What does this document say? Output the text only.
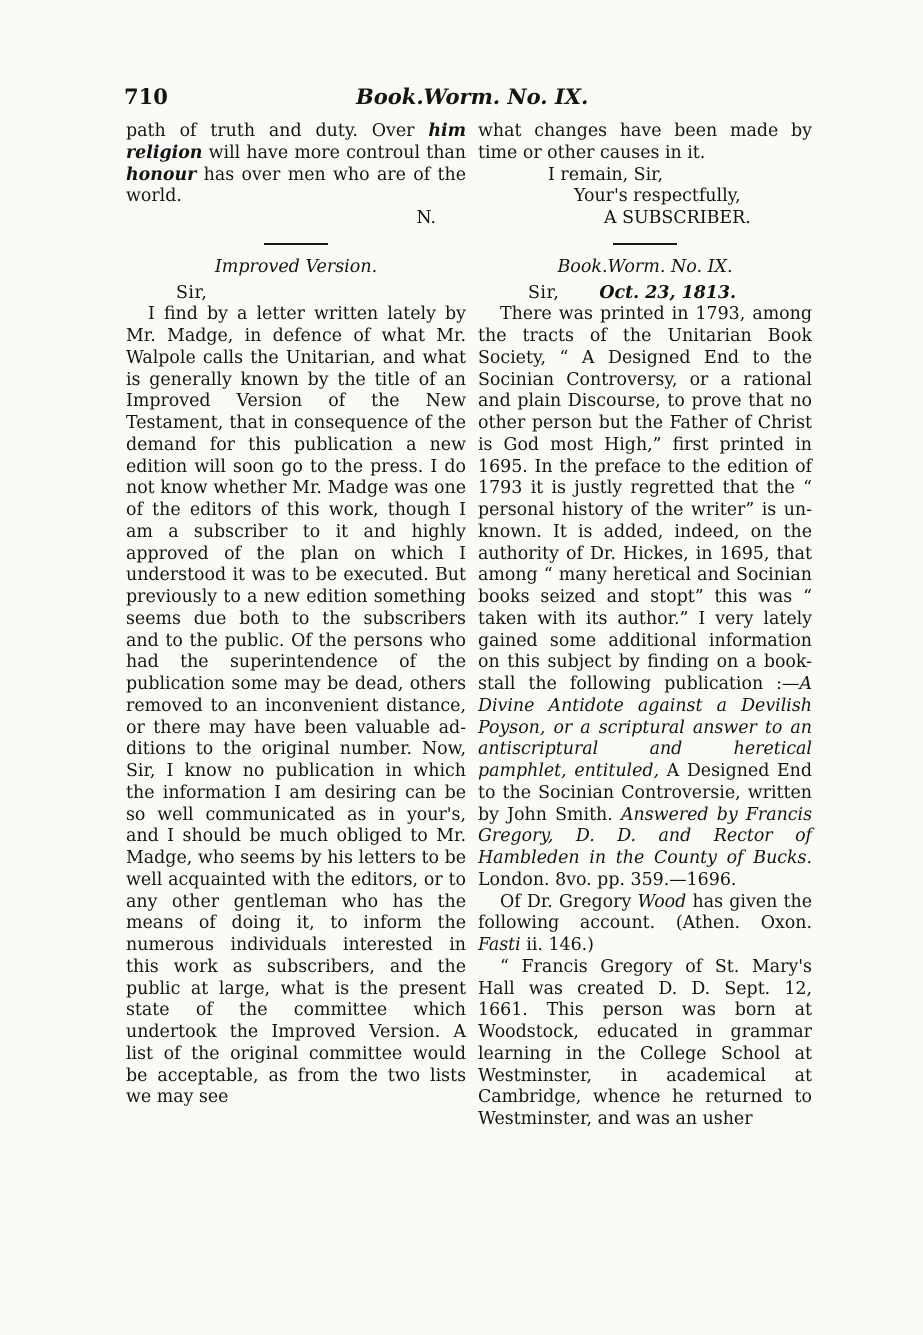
710	Book.Worm. No. IX.

path of truth and duty. Over him religion will have more controul than honour has over men who are of the world.

N.

Improved Version.

Sir,

I find by a letter written lately by Mr. Madge, in defence of what Mr. Walpole calls the Unitarian, and what is generally known by the title of an Improved Version of the New Testament, that in consequence of the demand for this publication a new edition will soon go to the press. I do not know whether Mr. Madge was one of the editors of this work, though I am a subscriber to it and highly approved of the plan on which I understood it was to be executed. But previously to a new edition something seems due both to the subscribers and to the public. Of the persons who had the superintendence of the publication some may be dead, others removed to an inconvenient distance, or there may have been valuable additions to the original number. Now, Sir, I know no publication in which the information I am desiring can be so well communicated as in your's, and I should be much obliged to Mr. Madge, who seems by his letters to be well acquainted with the editors, or to any other gentleman who has the means of doing it, to inform the numerous individuals interested in this work as subscribers, and the public at large, what is the present state of the committee which undertook the Improved Version. A list of the original committee would be acceptable, as from the two lists we may see

what changes have been made by time or other causes in it.

I remain, Sir,

Your's respectfully,

A SUBSCRIBER.

Book.Worm. No. IX.

Sir, Oct. 23, 1813.

There was printed in 1793, among the tracts of the Unitarian Book Society, “ A Designed End to the Socinian Controversy, or a rational and plain Discourse, to prove that no other person but the Father of Christ is God most High,” first printed in 1695. In the preface to the edition of 1793 it is justly regretted that the “ personal history of the writer” is unknown. It is added, indeed, on the authority of Dr. Hickes, in 1695, that among “ many heretical and Socinian books seized and stopt” this was “ taken with its author.” I very lately gained some additional information on this subject by finding on a book-stall the following publication :—A Divine Antidote against a Devilish Poyson, or a scriptural answer to an antiscriptural and heretical pamphlet, entituled, A Designed End to the Socinian Controversie, written by John Smith. Answered by Francis Gregory, D. D. and Rector of Hambleden in the County of Bucks. London. 8vo. pp. 359.—1696.

Of Dr. Gregory Wood has given the following account. (Athen. Oxon. Fasti ii. 146.)

“ Francis Gregory of St. Mary's Hall was created D. D. Sept. 12, 1661. This person was born at Woodstock, educated in grammar learning in the College School at Westminster, in academical at Cambridge, whence he returned to Westminster, and was an usher
